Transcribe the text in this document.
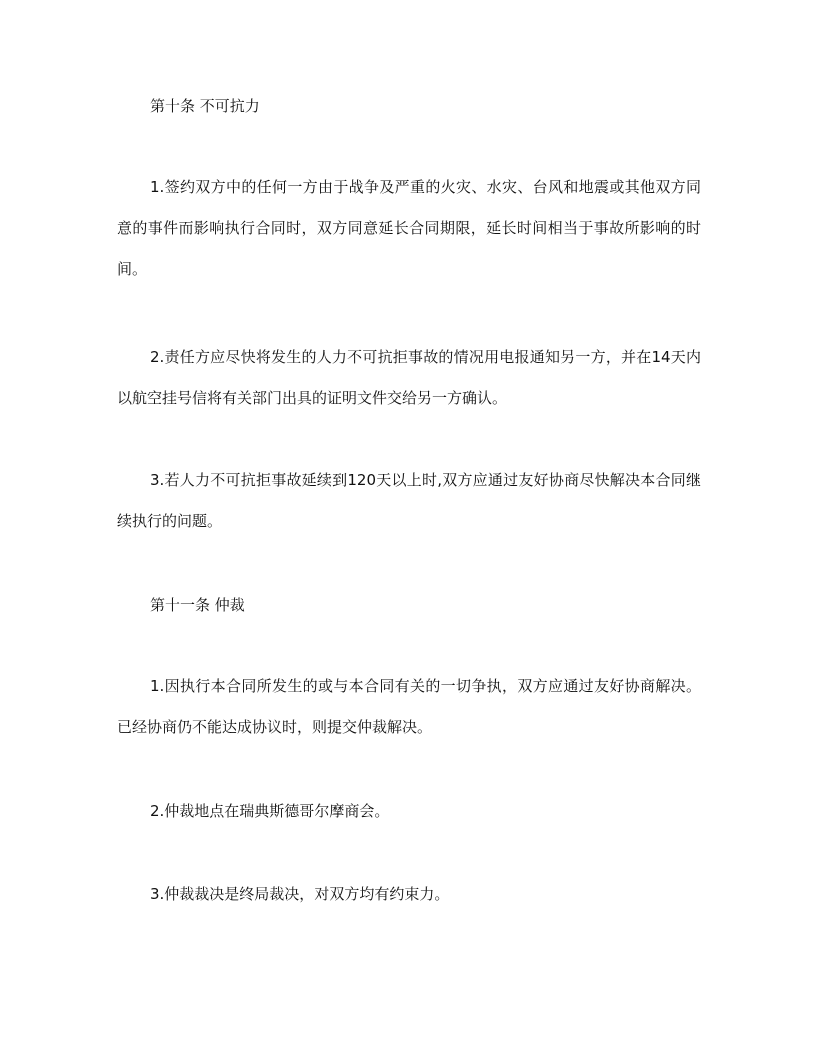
第十条 不可抗力

1.签约双方中的任何一方由于战争及严重的火灾、水灾、台风和地震或其他双方同意的事件而影响执行合同时，双方同意延长合同期限，延长时间相当于事故所影响的时间。

2.责任方应尽快将发生的人力不可抗拒事故的情况用电报通知另一方，并在14天内以航空挂号信将有关部门出具的证明文件交给另一方确认。

3.若人力不可抗拒事故延续到120天以上时,双方应通过友好协商尽快解决本合同继续执行的问题。

第十一条 仲裁

1.因执行本合同所发生的或与本合同有关的一切争执，双方应通过友好协商解决。已经协商仍不能达成协议时，则提交仲裁解决。

2.仲裁地点在瑞典斯德哥尔摩商会。

3.仲裁裁决是终局裁决，对双方均有约束力。
